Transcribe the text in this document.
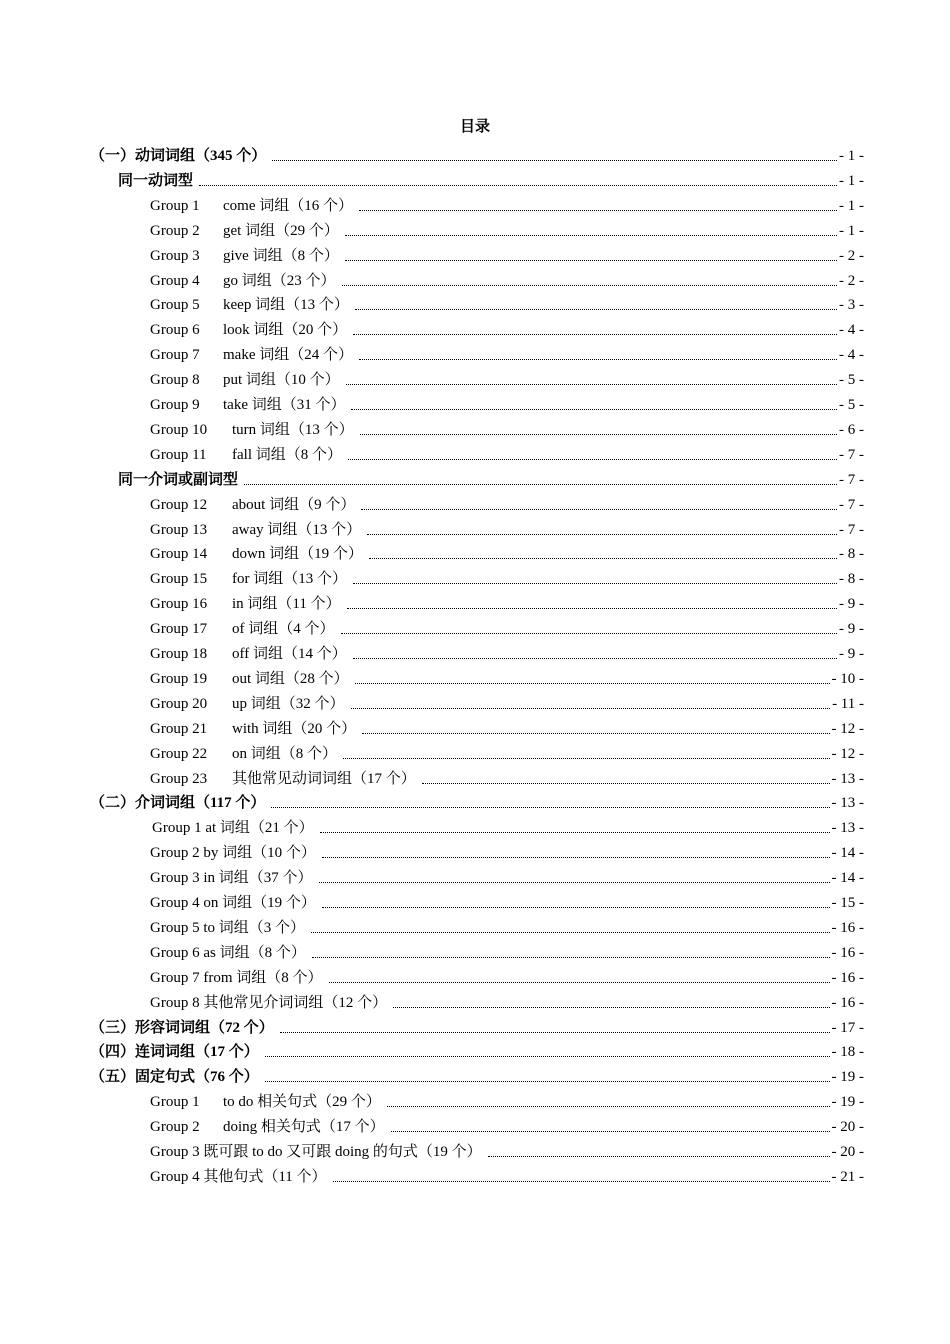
目录
（一）动词词组（345 个）	- 1 -
同一动词型	- 1 -
Group 1 come 词组（16 个）	- 1 -
Group 2 get 词组（29 个）	- 1 -
Group 3 give 词组（8 个）	- 2 -
Group 4 go 词组（23 个）	- 2 -
Group 5 keep 词组（13 个）	- 3 -
Group 6 look 词组（20 个）	- 4 -
Group 7 make 词组（24 个）	- 4 -
Group 8 put 词组（10 个）	- 5 -
Group 9 take 词组（31 个）	- 5 -
Group 10 turn 词组（13 个）	- 6 -
Group 11 fall 词组（8 个）	- 7 -
同一介词或副词型	- 7 -
Group 12 about 词组（9 个）	- 7 -
Group 13 away 词组（13 个）	- 7 -
Group 14 down 词组（19 个）	- 8 -
Group 15 for 词组（13 个）	- 8 -
Group 16 in 词组（11 个）	- 9 -
Group 17 of 词组（4 个）	- 9 -
Group 18 off 词组（14 个）	- 9 -
Group 19 out 词组（28 个）	- 10 -
Group 20 up 词组（32 个）	- 11 -
Group 21 with 词组（20 个）	- 12 -
Group 22 on 词组（8 个）	- 12 -
Group 23 其他常见动词词组（17 个）	- 13 -
（二）介词词组（117 个）	- 13 -
Group 1 at 词组（21 个）	- 13 -
Group 2 by 词组（10 个）	- 14 -
Group 3 in 词组（37 个）	- 14 -
Group 4 on 词组（19 个）	- 15 -
Group 5 to 词组（3 个）	- 16 -
Group 6 as 词组（8 个）	- 16 -
Group 7 from 词组（8 个）	- 16 -
Group 8 其他常见介词词组（12 个）	- 16 -
（三）形容词词组（72 个）	- 17 -
（四）连词词组（17 个）	- 18 -
（五）固定句式（76 个）	- 19 -
Group 1 to do 相关句式（29 个）	- 19 -
Group 2 doing 相关句式（17 个）	- 20 -
Group 3 既可跟 to do 又可跟 doing 的句式（19 个）	- 20 -
Group 4 其他句式（11 个）	- 21 -
